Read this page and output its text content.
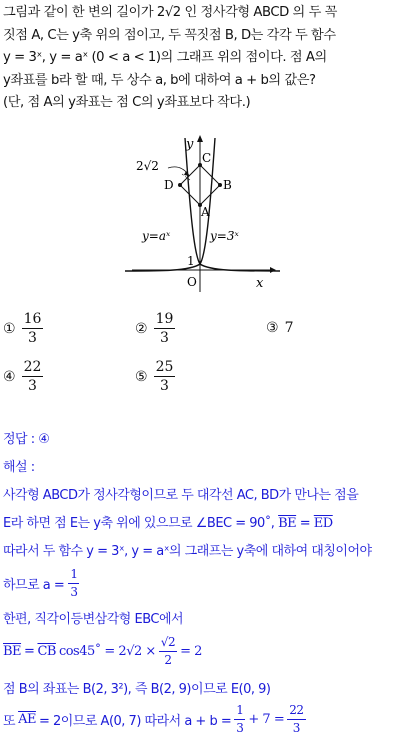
그림과 같이 한 변의 길이가 2√2 인 정사각형 ABCD 의 두 꼭
짓점 A, C는 y축 위의 점이고, 두 꼭짓점 B, D는 각각 두 함수
y = 3ˣ, y = aˣ (0 < a < 1)의 그래프 위의 점이다. 점 A의
y좌표를 b라 할 때, 두 상수 a, b에 대하여 a + b의 값은?
(단, 점 A의 y좌표는 점 C의 y좌표보다 작다.)
2√2
C
D	B
A
y
x
O
1
y=aˣ	y=3ˣ
① $\frac{16}{3}$	② $\frac{19}{3}$	③ 7
④ $\frac{22}{3}$	⑤ $\frac{25}{3}$
정답 : ④
해설 :
사각형 ABCD가 정사각형이므로 두 대각선 AC, BD가 만나는 점을
E라 하면 점 E는 y축 위에 있으므로 ∠BEC = 90˚, $\overline{BE} = \overline{ED}$
따라서 두 함수 y = 3ˣ, y = aˣ의 그래프는 y축에 대하여 대칭이어야
하므로 $a = \frac{1}{3}$
한편, 직각이등변삼각형 EBC에서
$\overline{BE} = \overline{CB}$ cos45˚ = $2√2 \times \frac{√2}{2} = 2$
점 B의 좌표는 B(2, 3²), 즉 B(2, 9)이므로 E(0, 9)
또 $\overline{AE} = 2$이므로 A(0, 7) 따라서 $a + b = \frac{1}{3} + 7 = \frac{22}{3}$
